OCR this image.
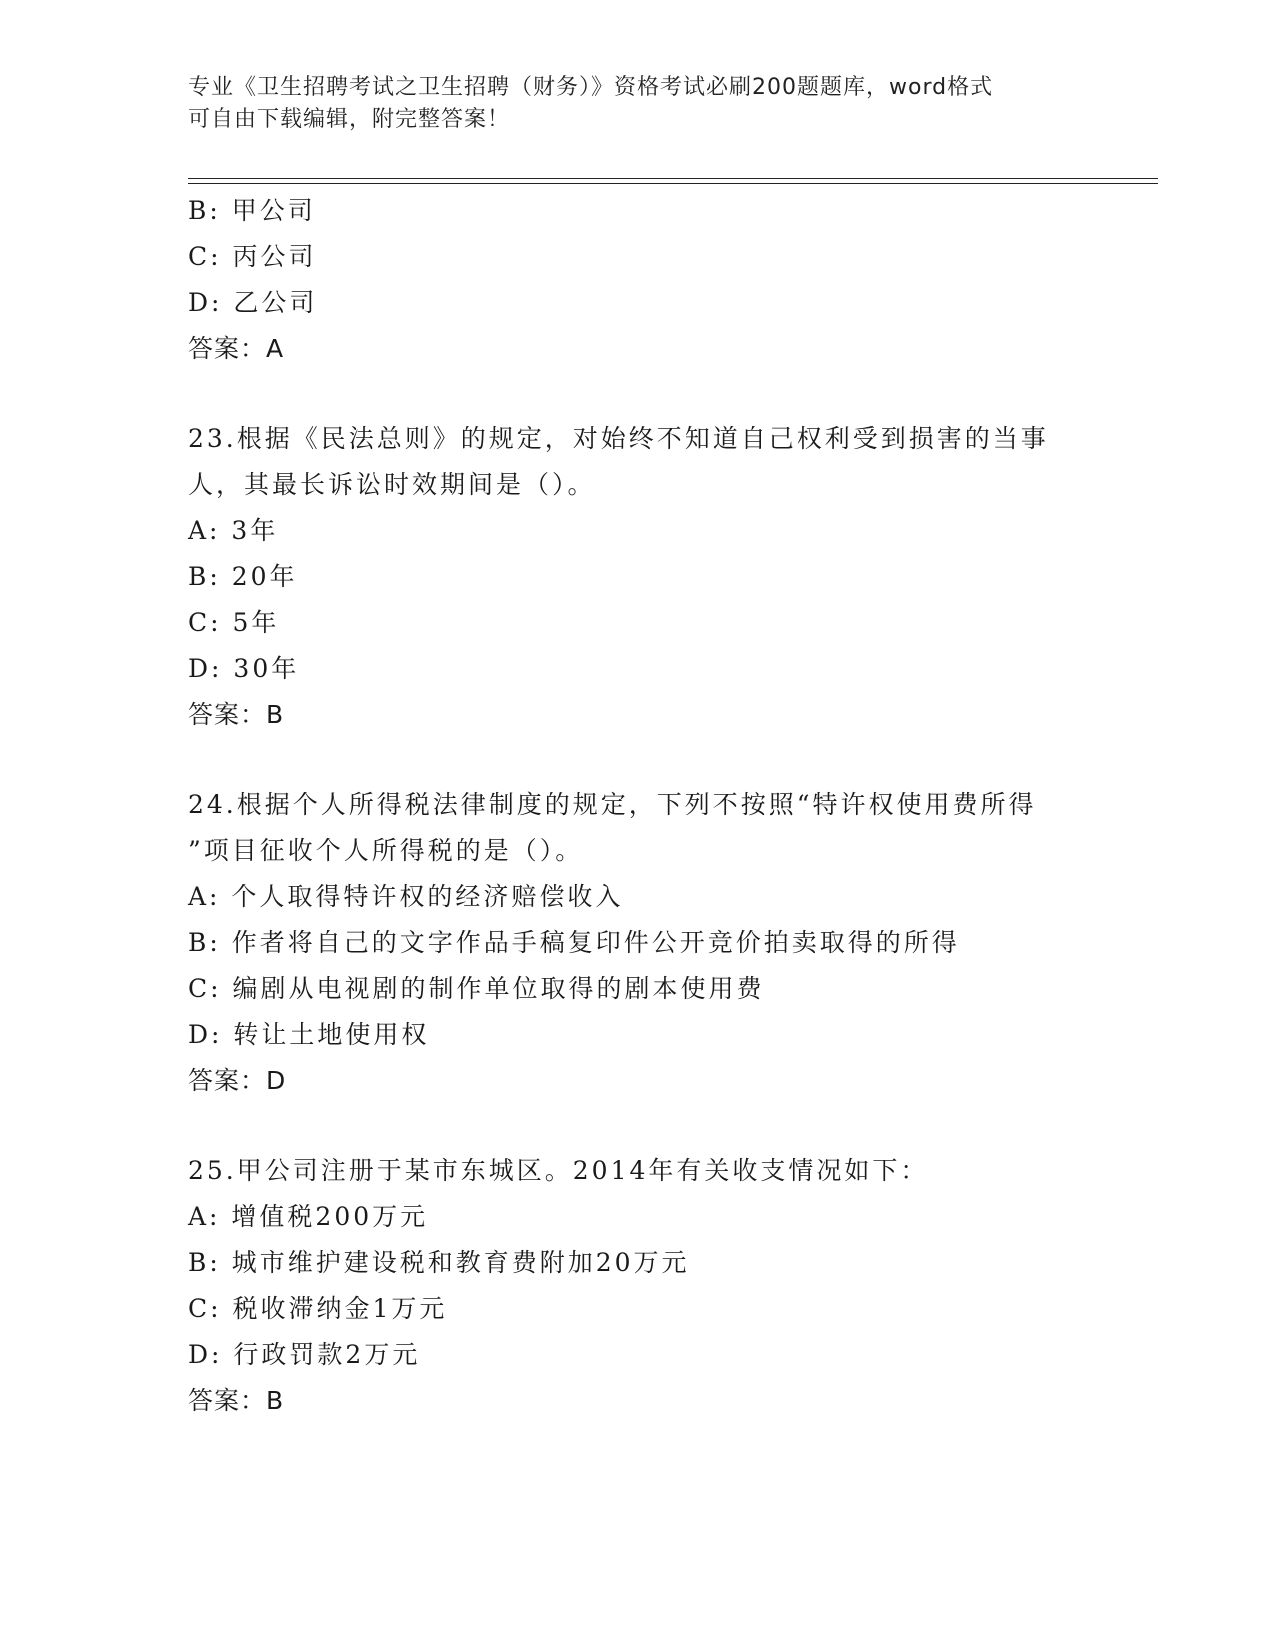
专业《卫生招聘考试之卫生招聘（财务）》资格考试必刷200题题库，word格式
可自由下载编辑，附完整答案！
B: 甲公司
C: 丙公司
D: 乙公司
答案：A
23.根据《民法总则》的规定，对始终不知道自己权利受到损害的当事
人，其最长诉讼时效期间是（）。
A: 3年
B: 20年
C: 5年
D: 30年
答案：B
24.根据个人所得税法律制度的规定，下列不按照“特许权使用费所得
”项目征收个人所得税的是（）。
A: 个人取得特许权的经济赔偿收入
B: 作者将自己的文字作品手稿复印件公开竞价拍卖取得的所得
C: 编剧从电视剧的制作单位取得的剧本使用费
D: 转让土地使用权
答案：D
25.甲公司注册于某市东城区。2014年有关收支情况如下：
A: 增值税200万元
B: 城市维护建设税和教育费附加20万元
C: 税收滞纳金1万元
D: 行政罚款2万元
答案：B
